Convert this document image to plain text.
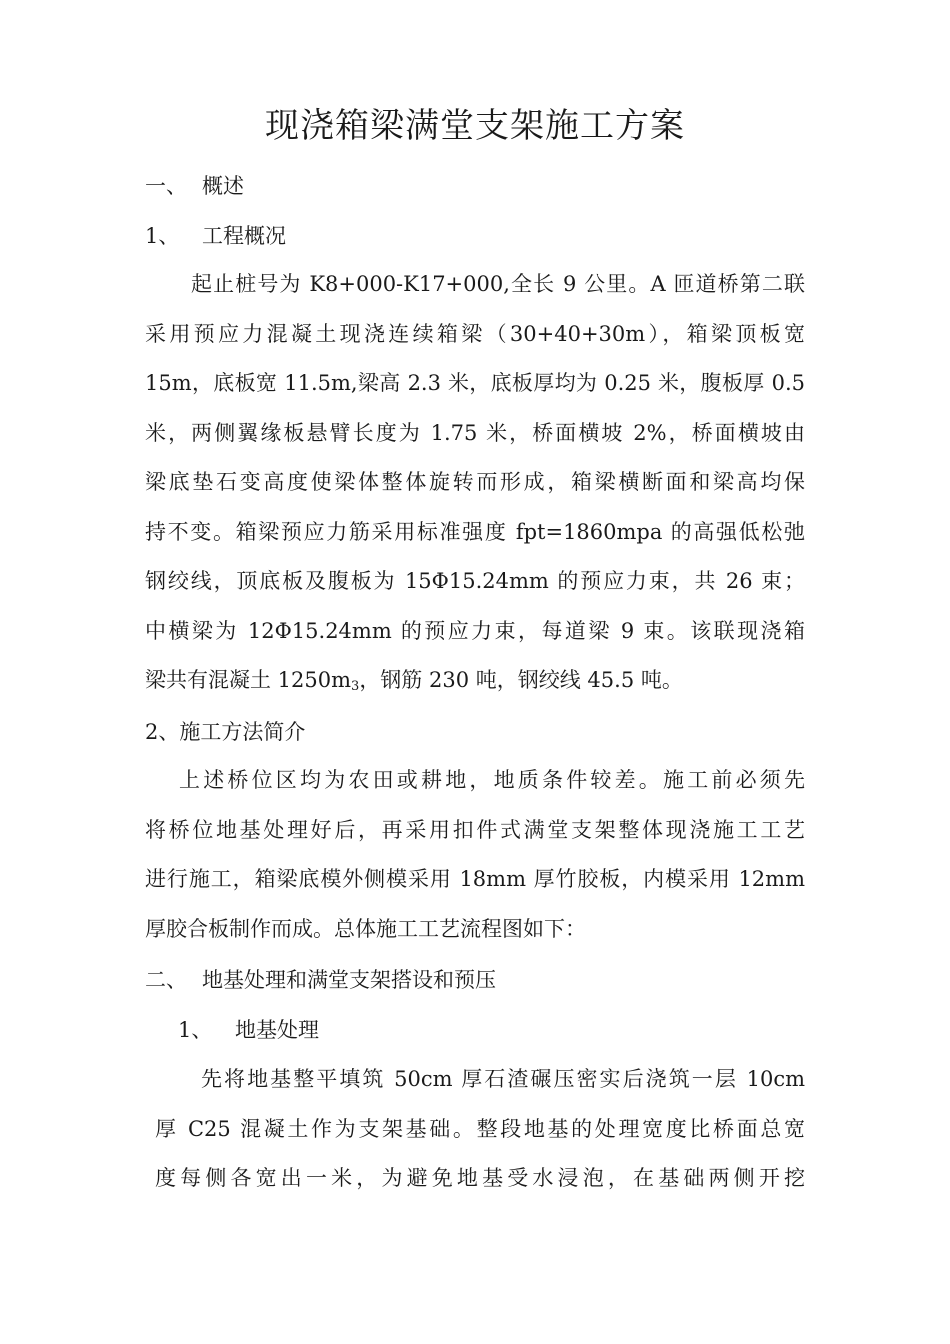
现浇箱梁满堂支架施工方案
一、 概述
1、 工程概况
起止桩号为 K8+000-K17+000,全长 9 公里。A 匝道桥第二联
采用预应力混凝土现浇连续箱梁（30+40+30m），箱梁顶板宽
15m，底板宽 11.5m,梁高 2.3 米，底板厚均为 0.25 米，腹板厚 0.5
米，两侧翼缘板悬臂长度为 1.75 米，桥面横坡 2%，桥面横坡由
梁底垫石变高度使梁体整体旋转而形成，箱梁横断面和梁高均保
持不变。箱梁预应力筋采用标准强度 fpt=1860mpa 的高强低松弛
钢绞线，顶底板及腹板为 15Φ15.24mm 的预应力束，共 26 束；
中横梁为 12Φ15.24mm 的预应力束，每道梁 9 束。该联现浇箱
梁共有混凝土 $1250m_3$，钢筋 230 吨，钢绞线 45.5 吨。
2、施工方法简介
上述桥位区均为农田或耕地，地质条件较差。施工前必须先
将桥位地基处理好后，再采用扣件式满堂支架整体现浇施工工艺
进行施工，箱梁底模外侧模采用 18mm 厚竹胶板，内模采用 12mm
厚胶合板制作而成。总体施工工艺流程图如下：
二、 地基处理和满堂支架搭设和预压
1、 地基处理
先将地基整平填筑 50cm 厚石渣碾压密实后浇筑一层 10cm
厚 C25 混凝土作为支架基础。整段地基的处理宽度比桥面总宽
度每侧各宽出一米，为避免地基受水浸泡，在基础两侧开挖
